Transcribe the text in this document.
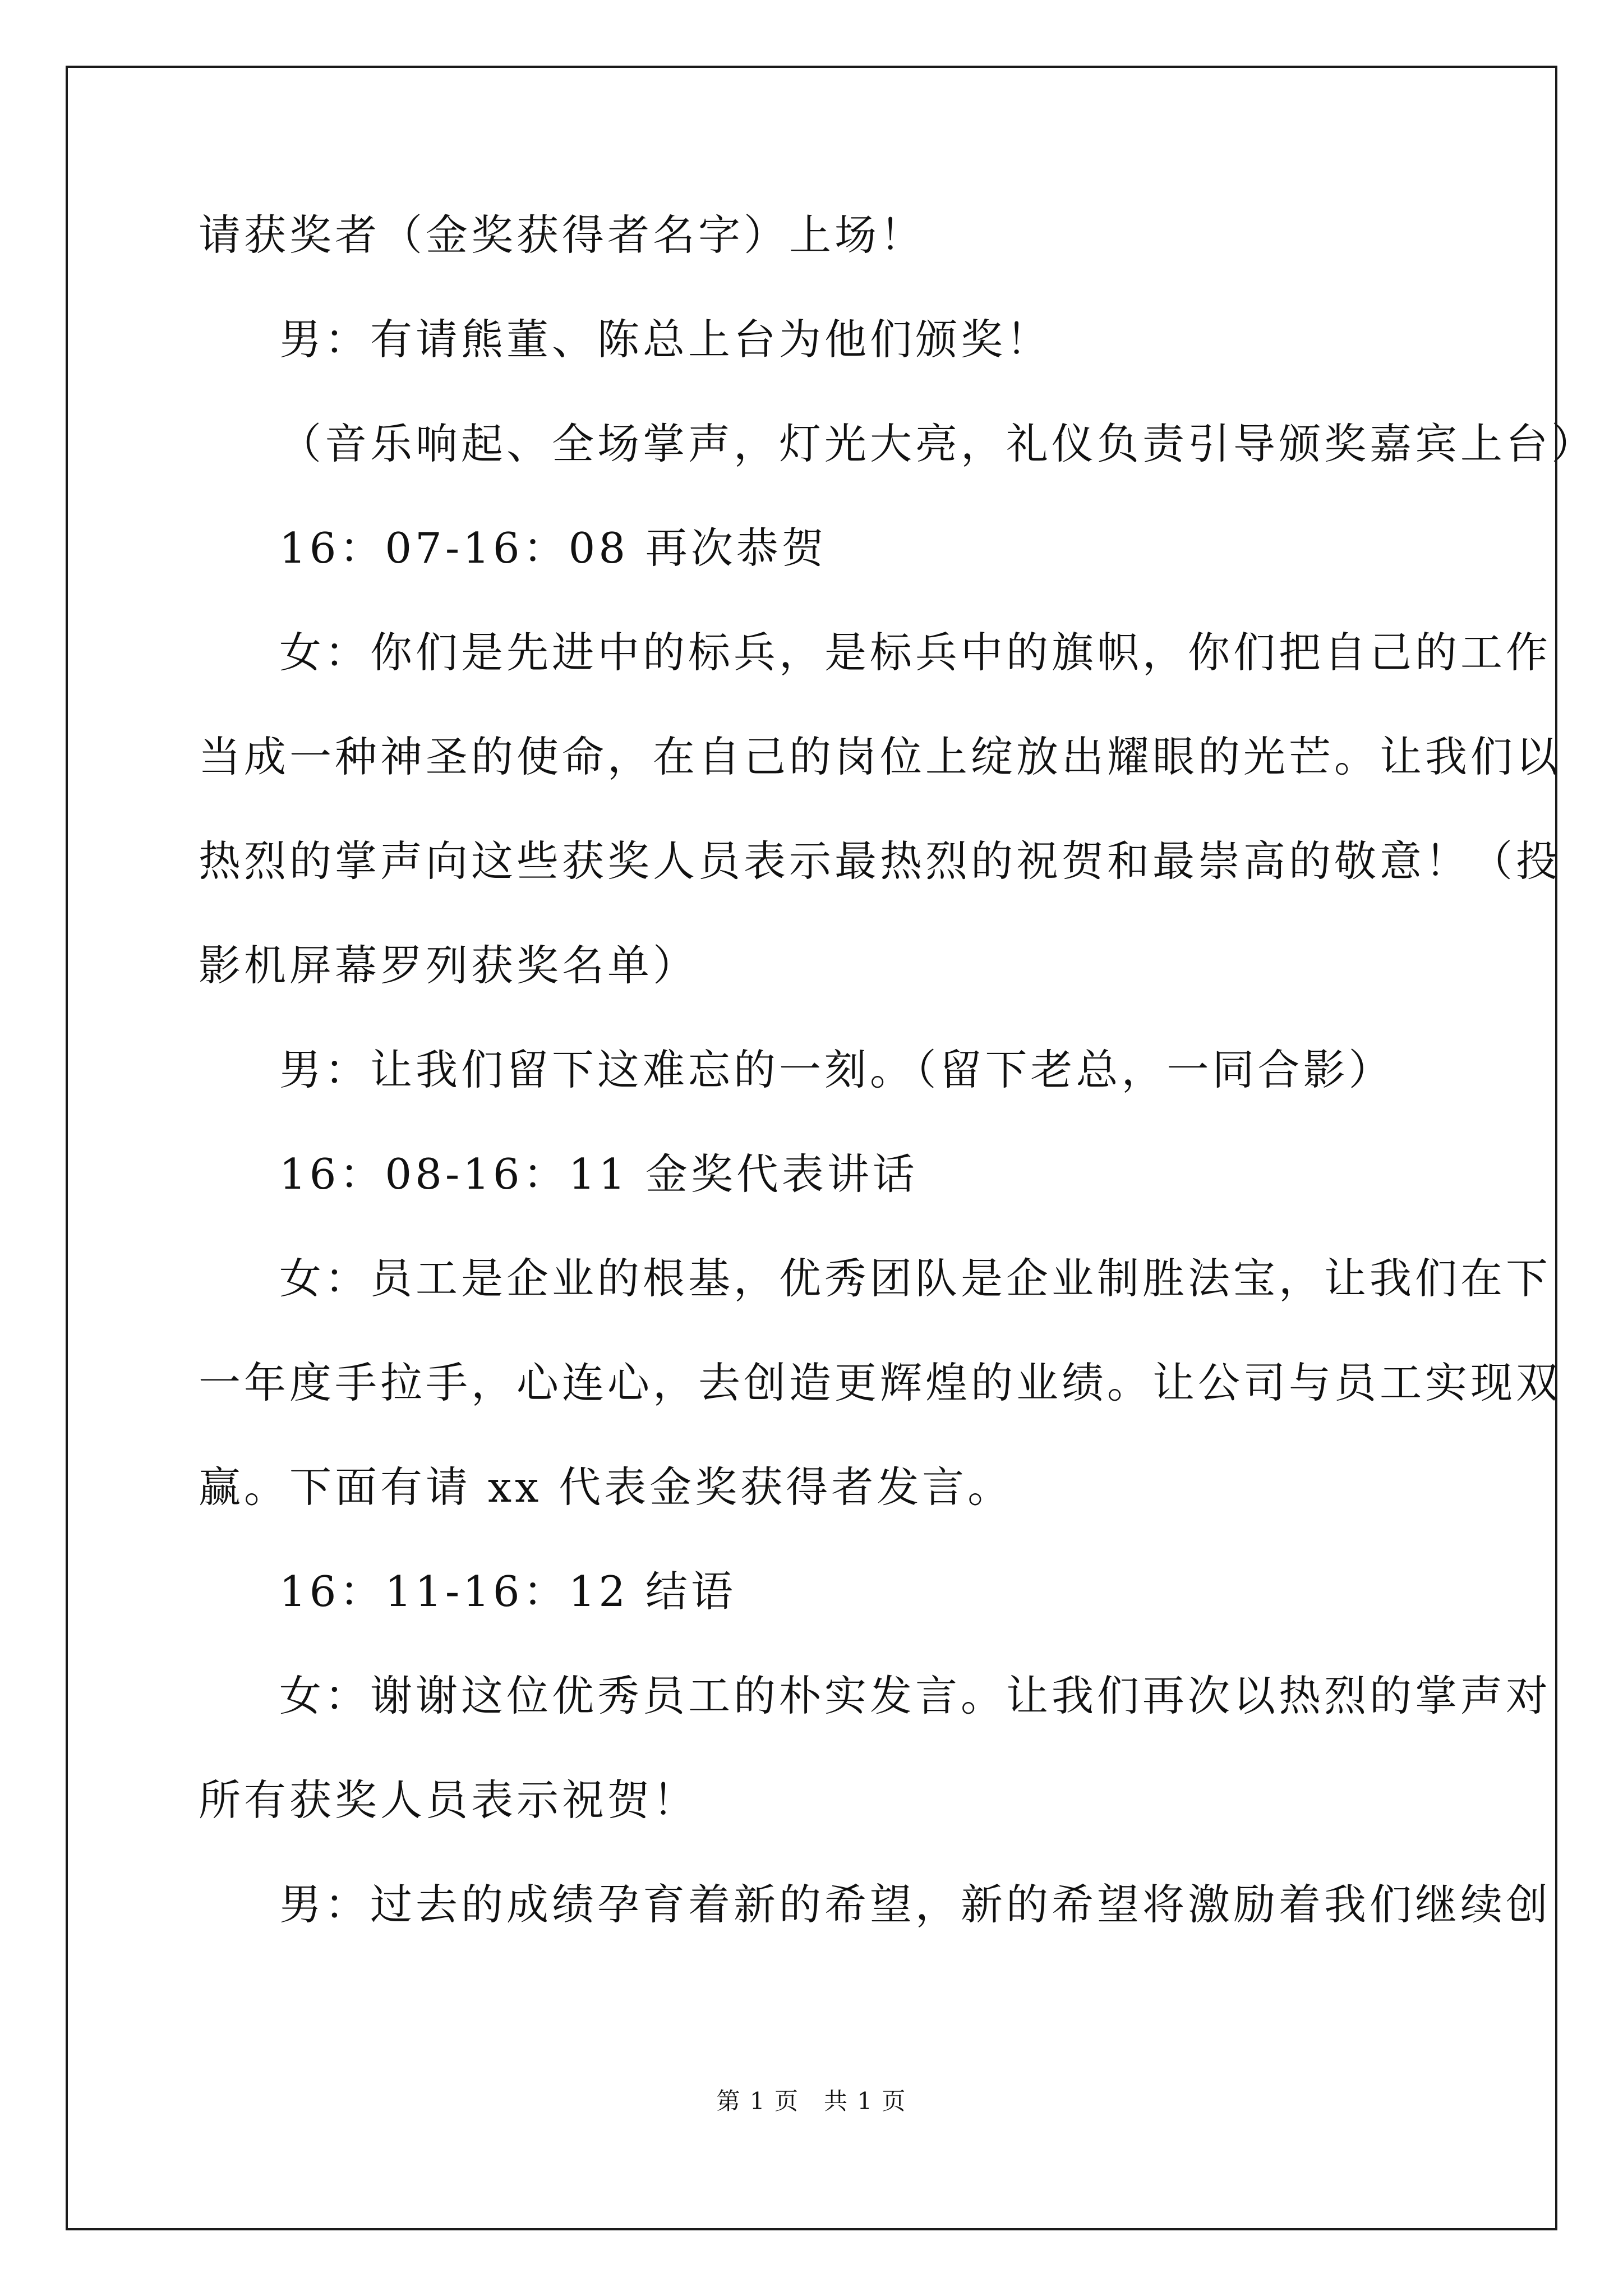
请获奖者（金奖获得者名字）上场！
男：有请熊董、陈总上台为他们颁奖！
（音乐响起、全场掌声，灯光大亮，礼仪负责引导颁奖嘉宾上台）
16：07-16：08 再次恭贺
女：你们是先进中的标兵，是标兵中的旗帜，你们把自己的工作
当成一种神圣的使命，在自己的岗位上绽放出耀眼的光芒。让我们以
热烈的掌声向这些获奖人员表示最热烈的祝贺和最崇高的敬意！（投
影机屏幕罗列获奖名单）
男：让我们留下这难忘的一刻。（留下老总，一同合影）
16：08-16：11 金奖代表讲话
女：员工是企业的根基，优秀团队是企业制胜法宝，让我们在下
一年度手拉手，心连心，去创造更辉煌的业绩。让公司与员工实现双
赢。下面有请 xx 代表金奖获得者发言。
16：11-16：12 结语
女：谢谢这位优秀员工的朴实发言。让我们再次以热烈的掌声对
所有获奖人员表示祝贺！
男：过去的成绩孕育着新的希望，新的希望将激励着我们继续创
第 1 页　共 1 页
